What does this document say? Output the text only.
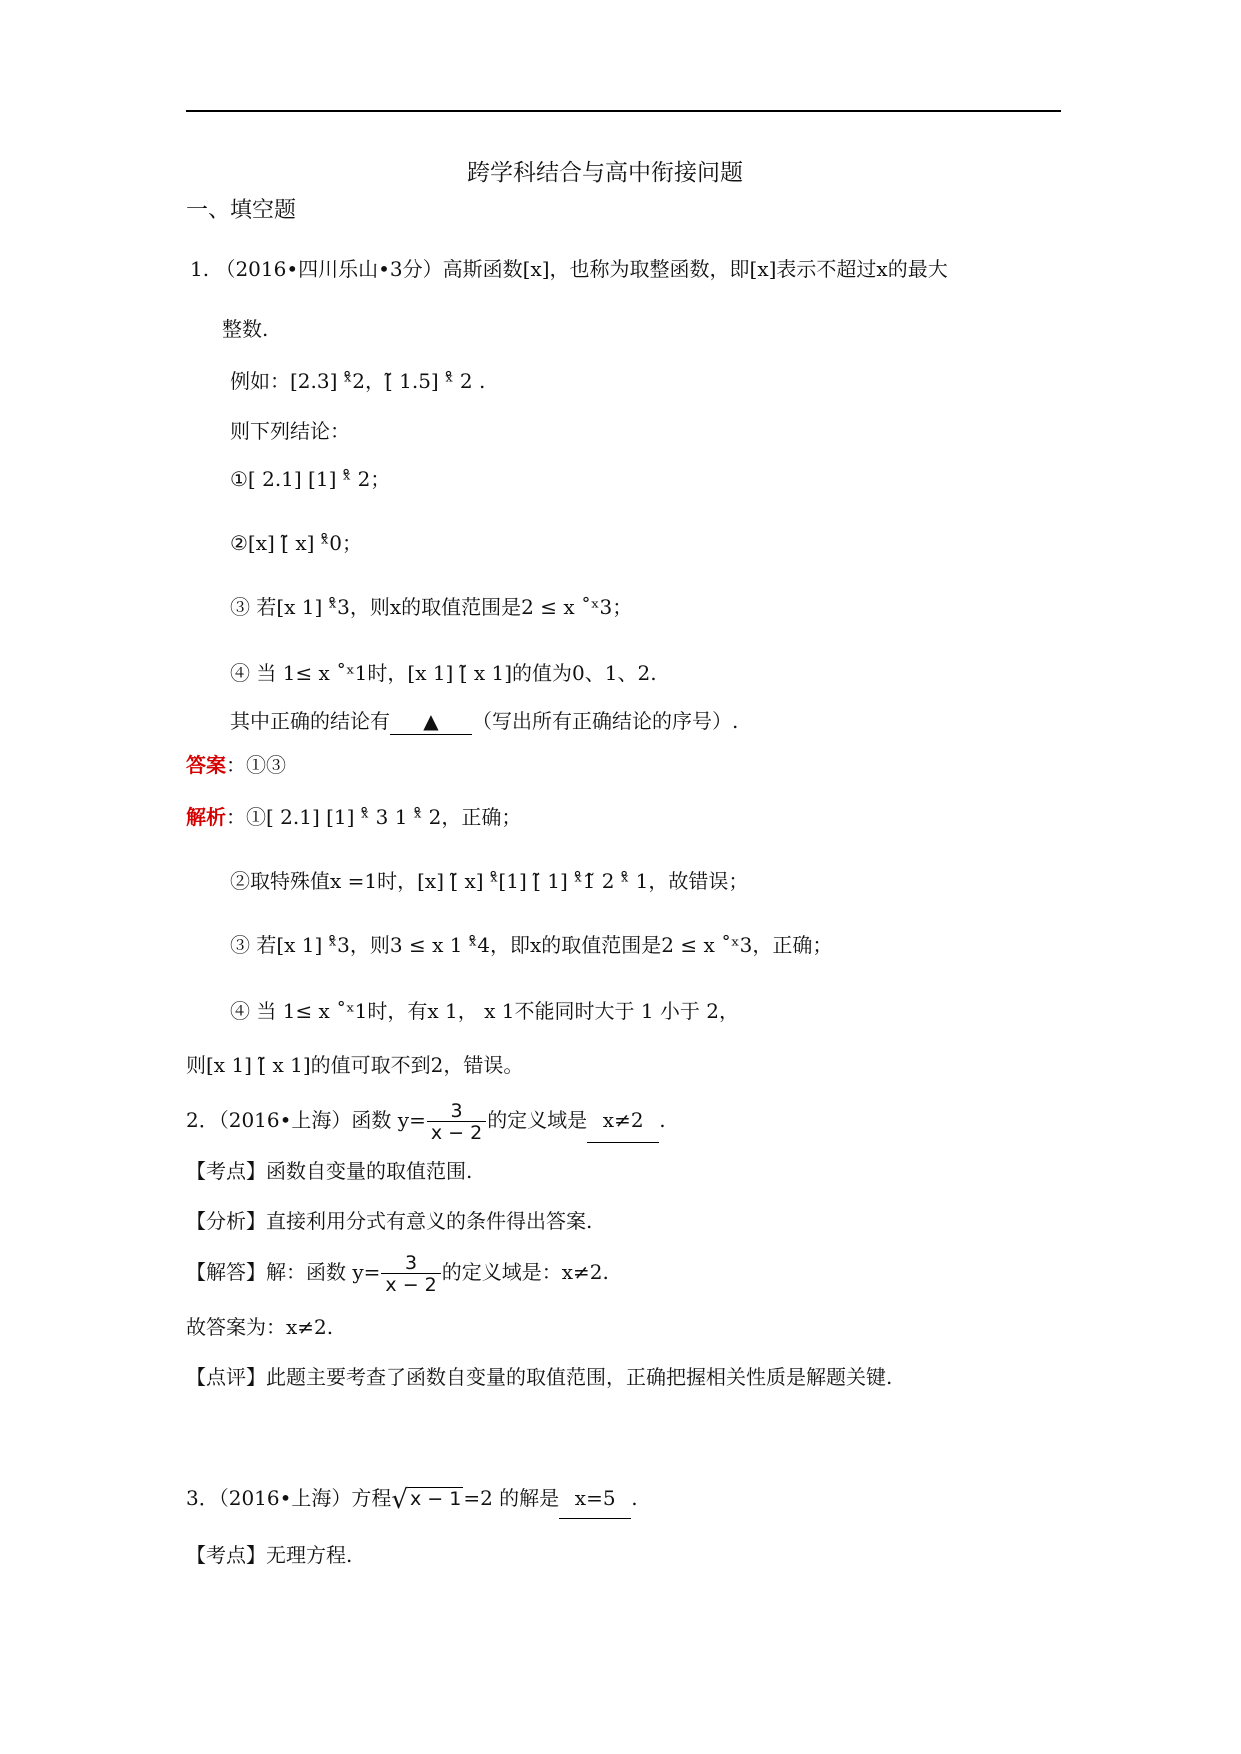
跨学科结合与高中衔接问题
一、填空题
1. （2016•四川乐山•3分）高斯函数[x]，也称为取整函数，即[x]表示不超过x的最大
整数.
例如：[2.3] ˣ̊2，[̃ 1.5] ˣ̊ 2 .
则下列结论：
①[ 2.1] [1] ˣ̊ 2；
②[x] [̃ x] ˣ̊0；
③ 若[x 1] ˣ̊3，则x的取值范围是2 ≤ x ˚ˣ3；
④ 当 1≤ x ˚ˣ1时，[x 1] [̃ x 1]的值为0、1、2.
其中正确的结论有 ▲ （写出所有正确结论的序号）.
答案：①③
解析：①[ 2.1] [1] ˣ̊ 3 1 ˣ̊ 2，正确；
②取特殊值x =1时，[x] [̃ x] ˣ̊[1] [̃ 1] ˣ̊1̃ 2 ˣ̊ 1，故错误；
③ 若[x 1] ˣ̊3，则3 ≤ x 1 ˣ̊4，即x的取值范围是2 ≤ x ˚ˣ3，正确；
④ 当 1≤ x ˚ˣ1时，有x 1， x 1不能同时大于 1 小于 2，
则[x 1] [̃ x 1]的值可取不到2，错误。
2．（2016•上海）函数 $y= \frac{3}{x - 2}$ 的定义域是 x≠2 .
【考点】函数自变量的取值范围.
【分析】直接利用分式有意义的条件得出答案.
【解答】解：函数 $y= \frac{3}{x - 2}$ 的定义域是：x≠2.
故答案为：x≠2.
【点评】此题主要考查了函数自变量的取值范围，正确把握相关性质是解题关键.
3．（2016•上海）方程√ x − 1 =2 的解是 x=5 .
【考点】无理方程.
